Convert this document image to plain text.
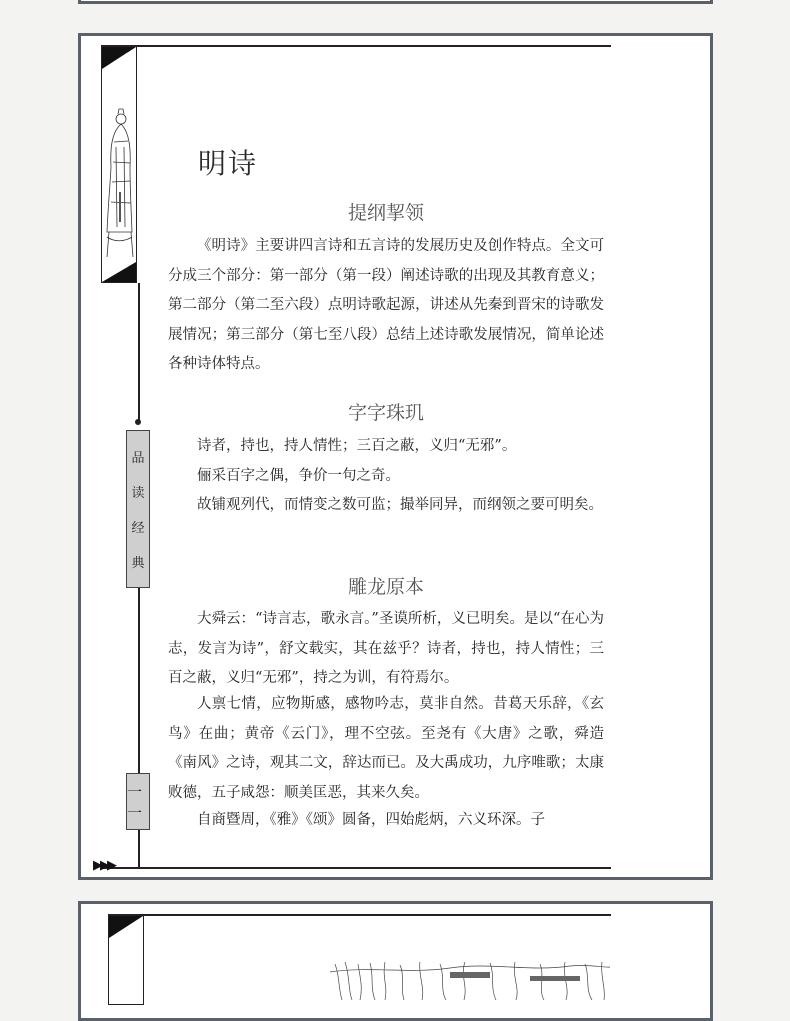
品
读
经
典
一一
▶▶▶
明诗
提纲挈领

《明诗》主要讲四言诗和五言诗的发展历史及创作特点。全文可分成三个部分：第一部分（第一段）阐述诗歌的出现及其教育意义；第二部分（第二至六段）点明诗歌起源，讲述从先秦到晋宋的诗歌发展情况；第三部分（第七至八段）总结上述诗歌发展情况，简单论述各种诗体特点。

字字珠玑

诗者，持也，持人情性；三百之蔽，义归“无邪”。

俪采百字之偶，争价一句之奇。

故铺观列代，而情变之数可监；撮举同异，而纲领之要可明矣。

雕龙原本

大舜云：“诗言志，歌永言。”圣谟所析，义已明矣。是以“在心为志，发言为诗”，舒文载实，其在兹乎？诗者，持也，持人情性；三百之蔽，义归“无邪”，持之为训，有符焉尔。

人禀七情，应物斯感，感物吟志，莫非自然。昔葛天乐辞，《玄鸟》在曲；黄帝《云门》，理不空弦。至尧有《大唐》之歌，舜造《南风》之诗，观其二文，辞达而已。及大禹成功，九序唯歌；太康败德，五子咸怨：顺美匡恶，其来久矣。

自商暨周，《雅》《颂》圆备，四始彪炳，六义环深。子
